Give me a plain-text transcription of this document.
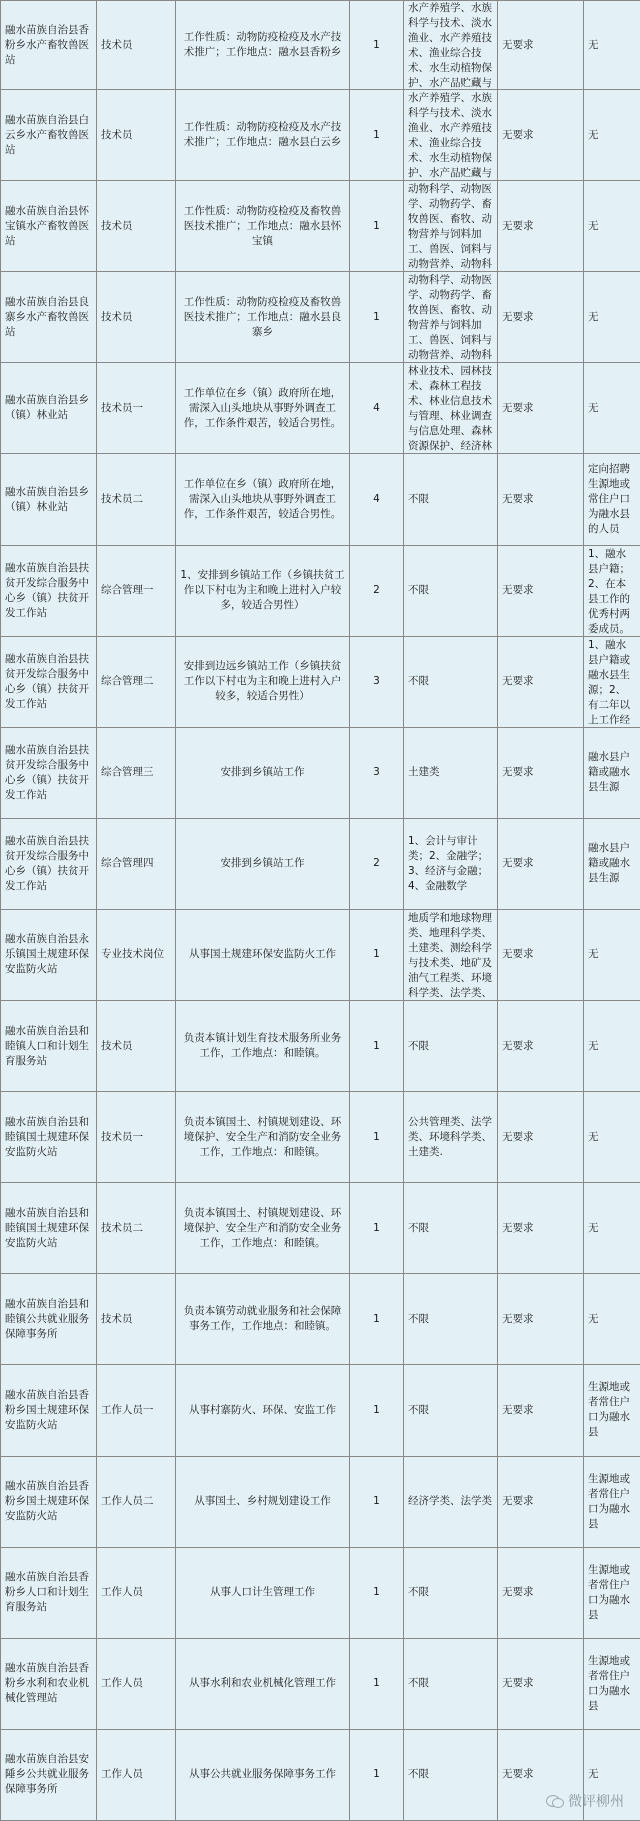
融水苗族自治县香粉乡水产畜牧兽医站	技术员	工作性质：动物防疫检疫及水产技术推广；工作地点：融水县香粉乡	1	水产养殖学、水族科学与技术、淡水渔业、水产养殖技术、渔业综合技术、水生动植物保护、水产品贮藏与	无要求	无

融水苗族自治县白云乡水产畜牧兽医站	技术员	工作性质：动物防疫检疫及水产技术推广；工作地点：融水县白云乡	1	水产养殖学、水族科学与技术、淡水渔业、水产养殖技术、渔业综合技术、水生动植物保护、水产品贮藏与	无要求	无

融水苗族自治县怀宝镇水产畜牧兽医站	技术员	工作性质：动物防疫检疫及畜牧兽医技术推广；工作地点：融水县怀宝镇	1	动物科学、动物医学、动物药学、畜牧兽医、畜牧、动物营养与饲料加工、兽医、饲料与动物营养、动物科	无要求	无

融水苗族自治县良寨乡水产畜牧兽医站	技术员	工作性质：动物防疫检疫及畜牧兽医技术推广；工作地点：融水县良寨乡	1	动物科学、动物医学、动物药学、畜牧兽医、畜牧、动物营养与饲料加工、兽医、饲料与动物营养、动物科	无要求	无

融水苗族自治县乡（镇）林业站	技术员一	工作单位在乡（镇）政府所在地，需深入山头地块从事野外调查工作，工作条件艰苦，较适合男性。	4	林业技术、园林技术、森林工程技术、林业信息技术与管理、林业调查与信息处理、森林资源保护、经济林	无要求	无

融水苗族自治县乡（镇）林业站	技术员二	工作单位在乡（镇）政府所在地，需深入山头地块从事野外调查工作，工作条件艰苦，较适合男性。	4	不限	无要求	定向招聘生源地或常住户口为融水县的人员

融水苗族自治县扶贫开发综合服务中心乡（镇）扶贫开发工作站	综合管理一	1、安排到乡镇站工作（乡镇扶贫工作以下村屯为主和晚上进村入户较多，较适合男性）	2	不限	无要求	1、融水县户籍；2、在本县工作的优秀村两委成员。

融水苗族自治县扶贫开发综合服务中心乡（镇）扶贫开发工作站	综合管理二	安排到边远乡镇站工作（乡镇扶贫工作以下村屯为主和晚上进村入户较多，较适合男性）	3	不限	无要求	1、融水县户籍或融水县生源；2、有二年以上工作经

融水苗族自治县扶贫开发综合服务中心乡（镇）扶贫开发工作站	综合管理三	安排到乡镇站工作	3	土建类	无要求	融水县户籍或融水县生源

融水苗族自治县扶贫开发综合服务中心乡（镇）扶贫开发工作站	综合管理四	安排到乡镇站工作	2	1、会计与审计类；2、金融学；3、经济与金融；4、金融数学	无要求	融水县户籍或融水县生源

融水苗族自治县永乐镇国土规建环保安监防火站	专业技术岗位	从事国土规建环保安监防火工作	1	地质学和地球物理类、地理科学类、土建类、测绘科学与技术类、地矿及油气工程类、环境科学类、法学类、	无要求	无

融水苗族自治县和睦镇人口和计划生育服务站	技术员	负责本镇计划生育技术服务所业务工作，工作地点：和睦镇。	1	不限	无要求	无

融水苗族自治县和睦镇国土规建环保安监防火站	技术员一	负责本镇国土、村镇规划建设、环境保护、安全生产和消防安全业务工作，工作地点：和睦镇。	1	公共管理类、法学类、环境科学类、土建类.	无要求	无

融水苗族自治县和睦镇国土规建环保安监防火站	技术员二	负责本镇国土、村镇规划建设、环境保护、安全生产和消防安全业务工作，工作地点：和睦镇。	1	不限	无要求	无

融水苗族自治县和睦镇公共就业服务保障事务所	技术员	负责本镇劳动就业服务和社会保障事务工作，工作地点：和睦镇。	1	不限	无要求	无

融水苗族自治县香粉乡国土规建环保安监防火站	工作人员一	从事村寨防火、环保、安监工作	1	不限	无要求	生源地或者常住户口为融水县

融水苗族自治县香粉乡国土规建环保安监防火站	工作人员二	从事国土、乡村规划建设工作	1	经济学类、法学类	无要求	生源地或者常住户口为融水县

融水苗族自治县香粉乡人口和计划生育服务站	工作人员	从事人口计生管理工作	1	不限	无要求	生源地或者常住户口为融水县

融水苗族自治县香粉乡水利和农业机械化管理站	工作人员	从事水利和农业机械化管理工作	1	不限	无要求	生源地或者常住户口为融水县

融水苗族自治县安陲乡公共就业服务保障事务所	工作人员	从事公共就业服务保障事务工作	1	不限	无要求	无
微评柳州
